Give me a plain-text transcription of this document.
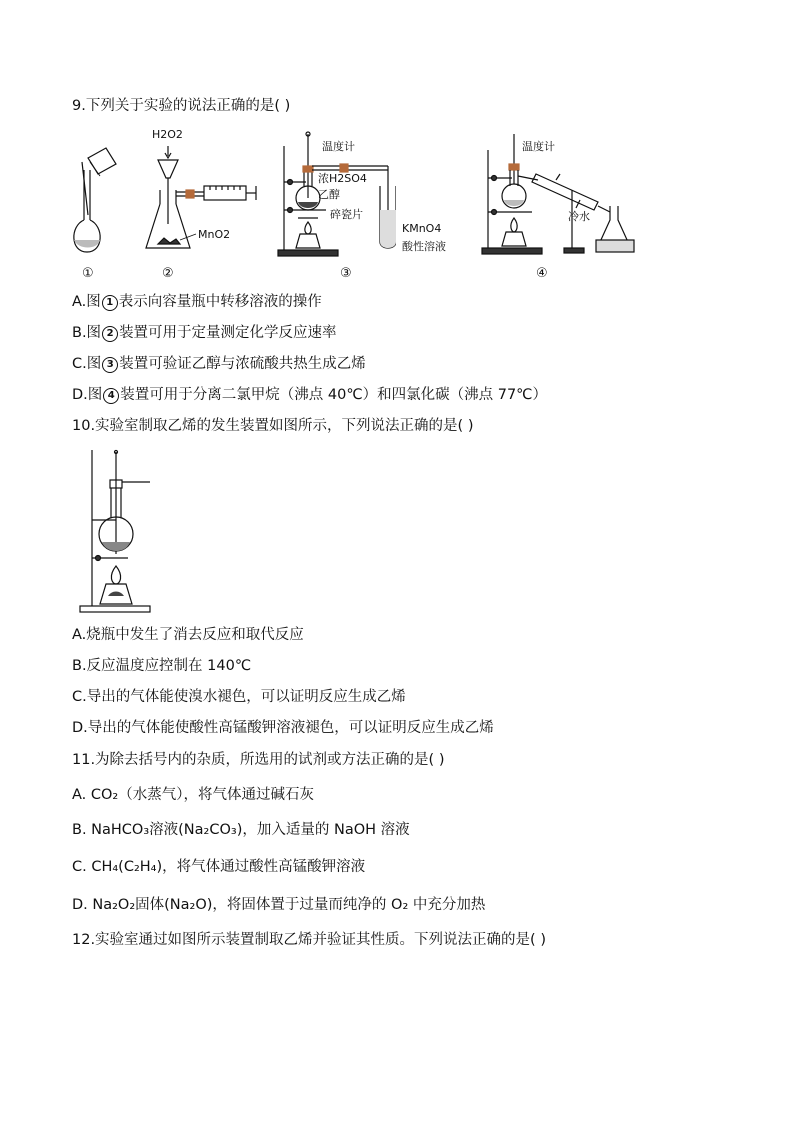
9.下列关于实验的说法正确的是( )
①
H2O2
MnO2
②
温度计
浓H2SO4
乙醇
碎瓷片
KMnO4
酸性溶液
③
温度计
冷水
④
A.图 1 表示向容量瓶中转移溶液的操作
B.图 2 装置可用于定量测定化学反应速率
C.图 3 装置可验证乙醇与浓硫酸共热生成乙烯
D.图 4 装置可用于分离二氯甲烷（沸点 40℃）和四氯化碳（沸点 77℃）
10.实验室制取乙烯的发生装置如图所示，下列说法正确的是( )
A.烧瓶中发生了消去反应和取代反应
B.反应温度应控制在 140℃
C.导出的气体能使溴水褪色，可以证明反应生成乙烯
D.导出的气体能使酸性高锰酸钾溶液褪色，可以证明反应生成乙烯
11.为除去括号内的杂质，所选用的试剂或方法正确的是( )
A. CO₂（水蒸气），将气体通过碱石灰
B. NaHCO₃溶液(Na₂CO₃)，加入适量的 NaOH 溶液
C. CH₄(C₂H₄)，将气体通过酸性高锰酸钾溶液
D. Na₂O₂固体(Na₂O)，将固体置于过量而纯净的 O₂ 中充分加热
12.实验室通过如图所示装置制取乙烯并验证其性质。下列说法正确的是( )
